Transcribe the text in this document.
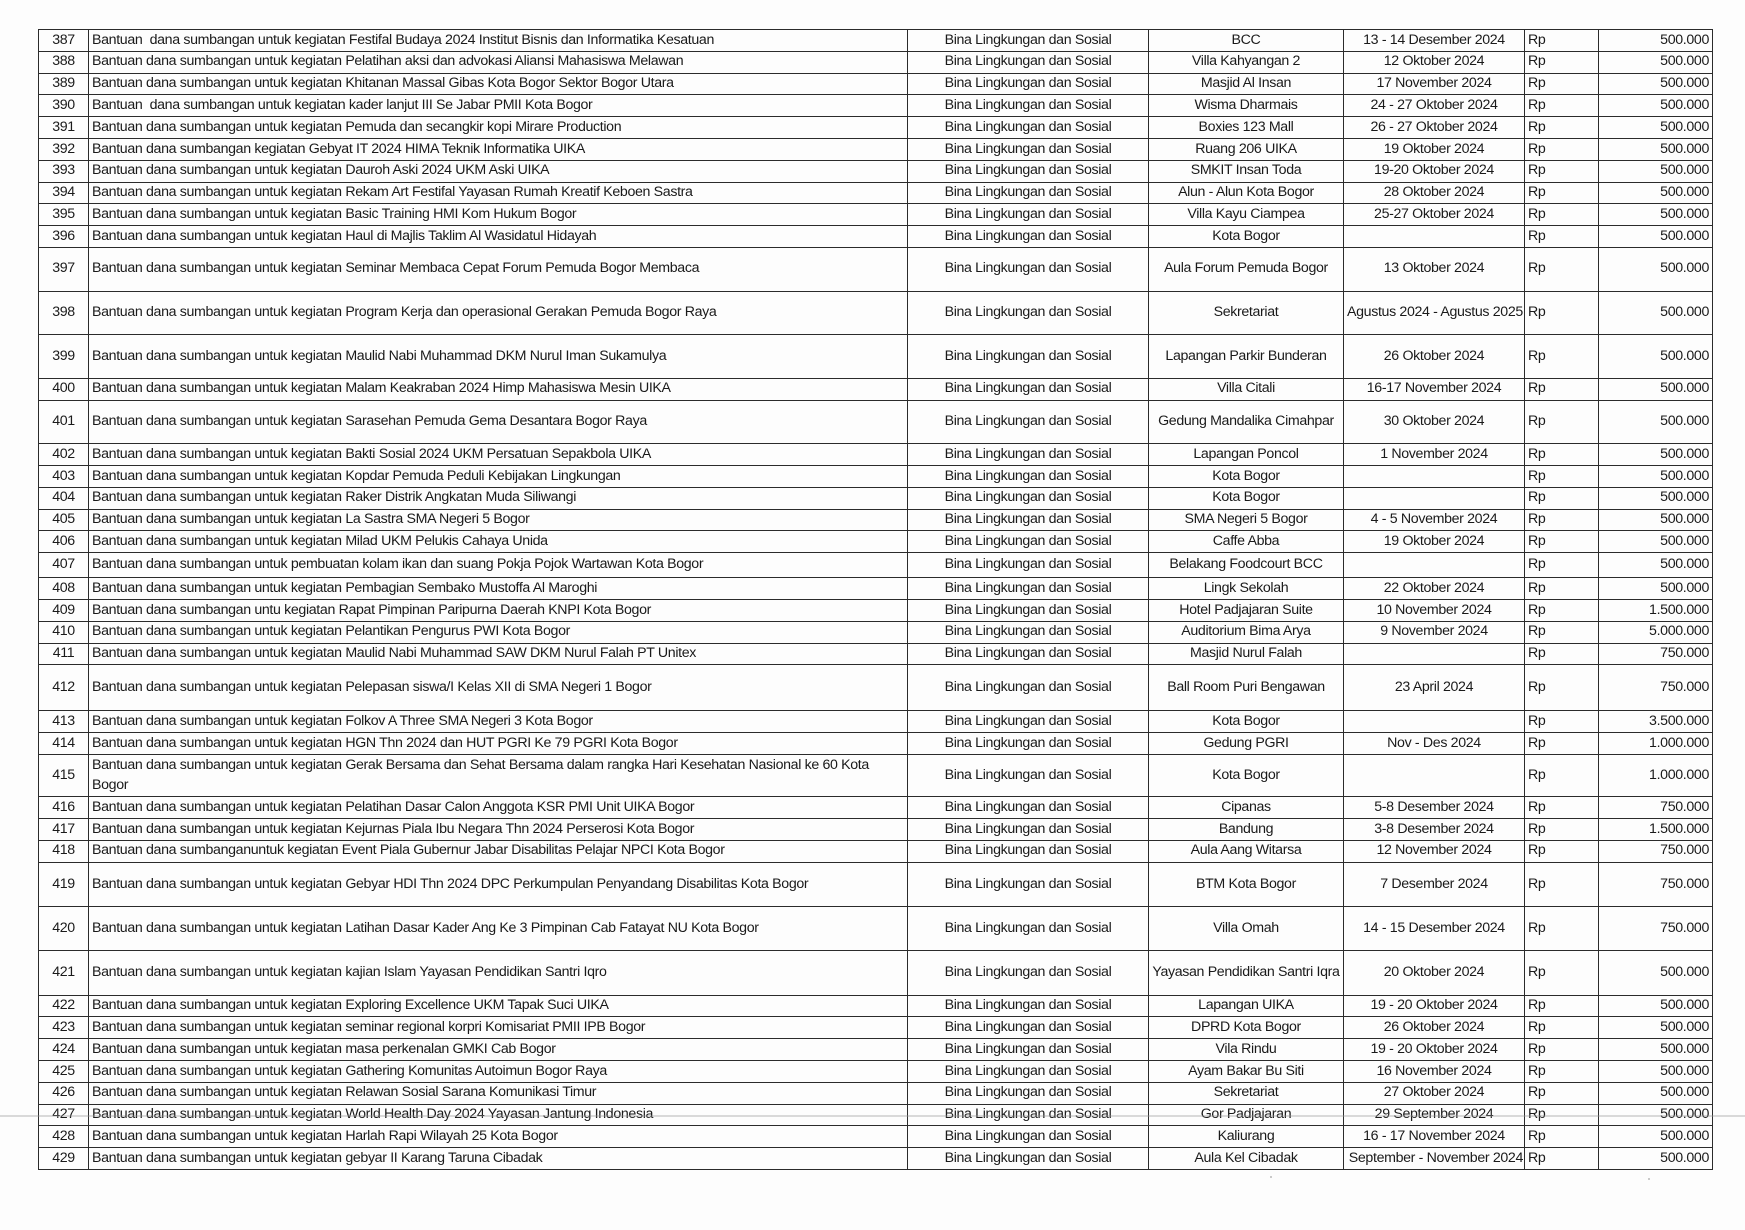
387	Bantuan  dana sumbangan untuk kegiatan Festifal Budaya 2024 Institut Bisnis dan Informatika Kesatuan	Bina Lingkungan dan Sosial	BCC	13 - 14 Desember 2024	Rp	500.000
388	Bantuan dana sumbangan untuk kegiatan Pelatihan aksi dan advokasi Aliansi Mahasiswa Melawan	Bina Lingkungan dan Sosial	Villa Kahyangan 2	12 Oktober 2024	Rp	500.000
389	Bantuan dana sumbangan untuk kegiatan Khitanan Massal Gibas Kota Bogor Sektor Bogor Utara	Bina Lingkungan dan Sosial	Masjid Al Insan	17 November 2024	Rp	500.000
390	Bantuan  dana sumbangan untuk kegiatan kader lanjut III Se Jabar PMII Kota Bogor	Bina Lingkungan dan Sosial	Wisma Dharmais	24 - 27 Oktober 2024	Rp	500.000
391	Bantuan dana sumbangan untuk kegiatan Pemuda dan secangkir kopi Mirare Production	Bina Lingkungan dan Sosial	Boxies 123 Mall	26 - 27 Oktober 2024	Rp	500.000
392	Bantuan dana sumbangan kegiatan Gebyat IT 2024 HIMA Teknik Informatika UIKA	Bina Lingkungan dan Sosial	Ruang 206 UIKA	19 Oktober 2024	Rp	500.000
393	Bantuan dana sumbangan untuk kegiatan Dauroh Aski 2024 UKM Aski UIKA	Bina Lingkungan dan Sosial	SMKIT Insan Toda	19-20 Oktober 2024	Rp	500.000
394	Bantuan dana sumbangan untuk kegiatan Rekam Art Festifal Yayasan Rumah Kreatif Keboen Sastra	Bina Lingkungan dan Sosial	Alun - Alun Kota Bogor	28 Oktober 2024	Rp	500.000
395	Bantuan dana sumbangan untuk kegiatan Basic Training HMI Kom Hukum Bogor	Bina Lingkungan dan Sosial	Villa Kayu Ciampea	25-27 Oktober 2024	Rp	500.000
396	Bantuan dana sumbangan untuk kegiatan Haul di Majlis Taklim Al Wasidatul Hidayah	Bina Lingkungan dan Sosial	Kota Bogor		Rp	500.000
397	Bantuan dana sumbangan untuk kegiatan Seminar Membaca Cepat Forum Pemuda Bogor Membaca	Bina Lingkungan dan Sosial	Aula Forum Pemuda Bogor	13 Oktober 2024	Rp	500.000
398	Bantuan dana sumbangan untuk kegiatan Program Kerja dan operasional Gerakan Pemuda Bogor Raya	Bina Lingkungan dan Sosial	Sekretariat	Agustus 2024 - Agustus 2025	Rp	500.000
399	Bantuan dana sumbangan untuk kegiatan Maulid Nabi Muhammad DKM Nurul Iman Sukamulya	Bina Lingkungan dan Sosial	Lapangan Parkir Bunderan	26 Oktober 2024	Rp	500.000
400	Bantuan dana sumbangan untuk kegiatan Malam Keakraban 2024 Himp Mahasiswa Mesin UIKA	Bina Lingkungan dan Sosial	Villa Citali	16-17 November 2024	Rp	500.000
401	Bantuan dana sumbangan untuk kegiatan Sarasehan Pemuda Gema Desantara Bogor Raya	Bina Lingkungan dan Sosial	Gedung Mandalika Cimahpar	30 Oktober 2024	Rp	500.000
402	Bantuan dana sumbangan untuk kegiatan Bakti Sosial 2024 UKM Persatuan Sepakbola UIKA	Bina Lingkungan dan Sosial	Lapangan Poncol	1 November 2024	Rp	500.000
403	Bantuan dana sumbangan untuk kegiatan Kopdar Pemuda Peduli Kebijakan Lingkungan	Bina Lingkungan dan Sosial	Kota Bogor		Rp	500.000
404	Bantuan dana sumbangan untuk kegiatan Raker Distrik Angkatan Muda Siliwangi	Bina Lingkungan dan Sosial	Kota Bogor		Rp	500.000
405	Bantuan dana sumbangan untuk kegiatan La Sastra SMA Negeri 5 Bogor	Bina Lingkungan dan Sosial	SMA Negeri 5 Bogor	4 - 5 November 2024	Rp	500.000
406	Bantuan dana sumbangan untuk kegiatan Milad UKM Pelukis Cahaya Unida	Bina Lingkungan dan Sosial	Caffe Abba	19 Oktober 2024	Rp	500.000
407	Bantuan dana sumbangan untuk pembuatan kolam ikan dan suang Pokja Pojok Wartawan Kota Bogor	Bina Lingkungan dan Sosial	Belakang Foodcourt BCC		Rp	500.000
408	Bantuan dana sumbangan untuk kegiatan Pembagian Sembako Mustoffa Al Maroghi	Bina Lingkungan dan Sosial	Lingk Sekolah	22 Oktober 2024	Rp	500.000
409	Bantuan dana sumbangan untu kegiatan Rapat Pimpinan Paripurna Daerah KNPI Kota Bogor	Bina Lingkungan dan Sosial	Hotel Padjajaran Suite	10 November 2024	Rp	1.500.000
410	Bantuan dana sumbangan untuk kegiatan Pelantikan Pengurus PWI Kota Bogor	Bina Lingkungan dan Sosial	Auditorium Bima Arya	9 November 2024	Rp	5.000.000
411	Bantuan dana sumbangan untuk kegiatan Maulid Nabi Muhammad SAW DKM Nurul Falah PT Unitex	Bina Lingkungan dan Sosial	Masjid Nurul Falah		Rp	750.000
412	Bantuan dana sumbangan untuk kegiatan Pelepasan siswa/I Kelas XII di SMA Negeri 1 Bogor	Bina Lingkungan dan Sosial	Ball Room Puri Bengawan	23 April 2024	Rp	750.000
413	Bantuan dana sumbangan untuk kegiatan Folkov A Three SMA Negeri 3 Kota Bogor	Bina Lingkungan dan Sosial	Kota Bogor		Rp	3.500.000
414	Bantuan dana sumbangan untuk kegiatan HGN Thn 2024 dan HUT PGRI Ke 79 PGRI Kota Bogor	Bina Lingkungan dan Sosial	Gedung PGRI	Nov - Des 2024	Rp	1.000.000
415	Bantuan dana sumbangan untuk kegiatan Gerak Bersama dan Sehat Bersama dalam rangka Hari Kesehatan Nasional ke 60 Kota Bogor	Bina Lingkungan dan Sosial	Kota Bogor		Rp	1.000.000
416	Bantuan dana sumbangan untuk kegiatan Pelatihan Dasar Calon Anggota KSR PMI Unit UIKA Bogor	Bina Lingkungan dan Sosial	Cipanas	5-8 Desember 2024	Rp	750.000
417	Bantuan dana sumbangan untuk kegiatan Kejurnas Piala Ibu Negara Thn 2024 Perserosi Kota Bogor	Bina Lingkungan dan Sosial	Bandung	3-8 Desember 2024	Rp	1.500.000
418	Bantuan dana sumbanganuntuk kegiatan Event Piala Gubernur Jabar Disabilitas Pelajar NPCI Kota Bogor	Bina Lingkungan dan Sosial	Aula Aang Witarsa	12 November 2024	Rp	750.000
419	Bantuan dana sumbangan untuk kegiatan Gebyar HDI Thn 2024 DPC Perkumpulan Penyandang Disabilitas Kota Bogor	Bina Lingkungan dan Sosial	BTM Kota Bogor	7 Desember 2024	Rp	750.000
420	Bantuan dana sumbangan untuk kegiatan Latihan Dasar Kader Ang Ke 3 Pimpinan Cab Fatayat NU Kota Bogor	Bina Lingkungan dan Sosial	Villa Omah	14 - 15 Desember 2024	Rp	750.000
421	Bantuan dana sumbangan untuk kegiatan kajian Islam Yayasan Pendidikan Santri Iqro	Bina Lingkungan dan Sosial	Yayasan Pendidikan Santri Iqra	20 Oktober 2024	Rp	500.000
422	Bantuan dana sumbangan untuk kegiatan Exploring Excellence UKM Tapak Suci UIKA	Bina Lingkungan dan Sosial	Lapangan UIKA	19 - 20 Oktober 2024	Rp	500.000
423	Bantuan dana sumbangan untuk kegiatan seminar regional korpri Komisariat PMII IPB Bogor	Bina Lingkungan dan Sosial	DPRD Kota Bogor	26 Oktober 2024	Rp	500.000
424	Bantuan dana sumbangan untuk kegiatan masa perkenalan GMKI Cab Bogor	Bina Lingkungan dan Sosial	Vila Rindu	19 - 20 Oktober 2024	Rp	500.000
425	Bantuan dana sumbangan untuk kegiatan Gathering Komunitas Autoimun Bogor Raya	Bina Lingkungan dan Sosial	Ayam Bakar Bu Siti	16 November 2024	Rp	500.000
426	Bantuan dana sumbangan untuk kegiatan Relawan Sosial Sarana Komunikasi Timur	Bina Lingkungan dan Sosial	Sekretariat	27 Oktober 2024	Rp	500.000
427	Bantuan dana sumbangan untuk kegiatan World Health Day 2024 Yayasan Jantung Indonesia	Bina Lingkungan dan Sosial	Gor Padjajaran	29 September 2024	Rp	500.000
428	Bantuan dana sumbangan untuk kegiatan Harlah Rapi Wilayah 25 Kota Bogor	Bina Lingkungan dan Sosial	Kaliurang	16 - 17 November 2024	Rp	500.000
429	Bantuan dana sumbangan untuk kegiatan gebyar II Karang Taruna Cibadak	Bina Lingkungan dan Sosial	Aula Kel Cibadak	September - November 2024	Rp	500.000
